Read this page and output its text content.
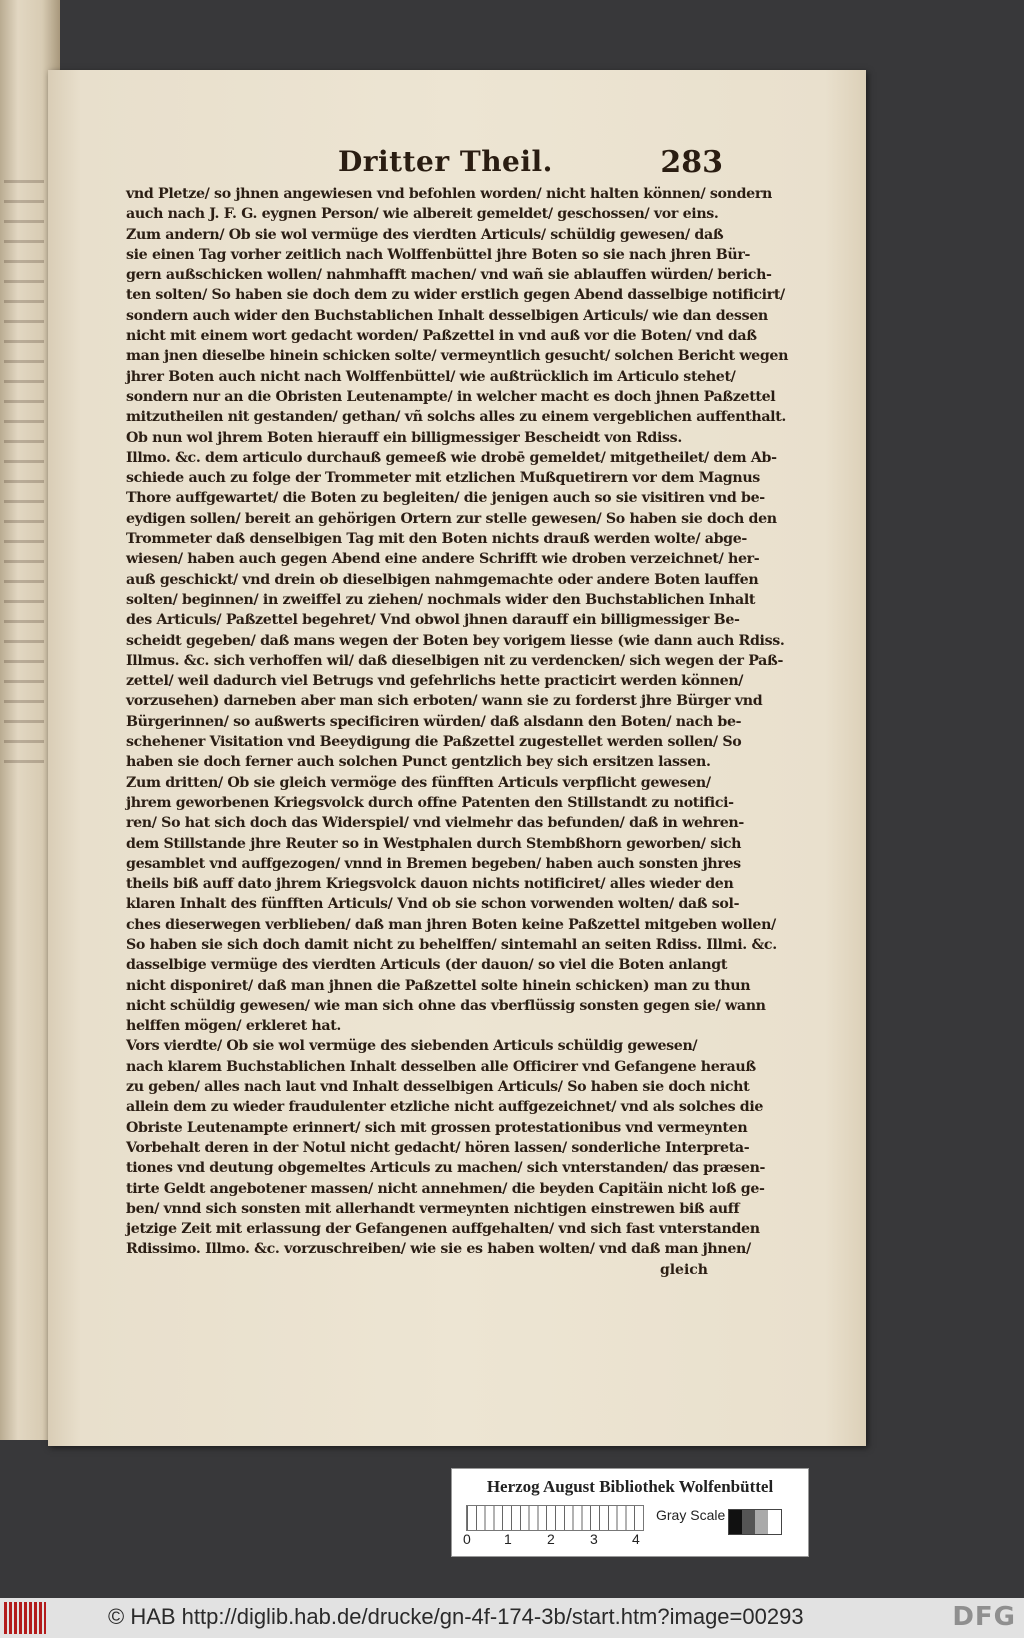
Dritter Theil.	283
vnd Pletze/ so jhnen angewiesen vnd befohlen worden/ nicht halten können/ sondern
auch nach J. F. G. eygnen Person/ wie albereit gemeldet/ geschossen/ vor eins.
Zum andern/ Ob sie wol vermüge des vierdten Articuls/ schüldig gewesen/ daß
sie einen Tag vorher zeitlich nach Wolffenbüttel jhre Boten so sie nach jhren Bür-
gern außschicken wollen/ nahmhafft machen/ vnd wañ sie ablauffen würden/ berich-
ten solten/ So haben sie doch dem zu wider erstlich gegen Abend dasselbige notificirt/
sondern auch wider den Buchstablichen Inhalt desselbigen Articuls/ wie dan dessen
nicht mit einem wort gedacht worden/ Paßzettel in vnd auß vor die Boten/ vnd daß
man jnen dieselbe hinein schicken solte/ vermeyntlich gesucht/ solchen Bericht wegen
jhrer Boten auch nicht nach Wolffenbüttel/ wie außtrücklich im Articulo stehet/
sondern nur an die Obristen Leutenampte/ in welcher macht es doch jhnen Paßzettel
mitzutheilen nit gestanden/ gethan/ vñ solchs alles zu einem vergeblichen auffenthalt.
Ob nun wol jhrem Boten hierauff ein billigmessiger Bescheidt von Rdiss.
Illmo. &c. dem articulo durchauß gemeeß wie drobē gemeldet/ mitgetheilet/ dem Ab-
schiede auch zu folge der Trommeter mit etzlichen Mußquetirern vor dem Magnus
Thore auffgewartet/ die Boten zu begleiten/ die jenigen auch so sie visitiren vnd be-
eydigen sollen/ bereit an gehörigen Ortern zur stelle gewesen/ So haben sie doch den
Trommeter daß denselbigen Tag mit den Boten nichts drauß werden wolte/ abge-
wiesen/ haben auch gegen Abend eine andere Schrifft wie droben verzeichnet/ her-
auß geschickt/ vnd drein ob dieselbigen nahmgemachte oder andere Boten lauffen
solten/ beginnen/ in zweiffel zu ziehen/ nochmals wider den Buchstablichen Inhalt
des Articuls/ Paßzettel begehret/ Vnd obwol jhnen darauff ein billigmessiger Be-
scheidt gegeben/ daß mans wegen der Boten bey vorigem liesse (wie dann auch Rdiss.
Illmus. &c. sich verhoffen wil/ daß dieselbigen nit zu verdencken/ sich wegen der Paß-
zettel/ weil dadurch viel Betrugs vnd gefehrlichs hette practicirt werden können/
vorzusehen) darneben aber man sich erboten/ wann sie zu forderst jhre Bürger vnd
Bürgerinnen/ so außwerts specificiren würden/ daß alsdann den Boten/ nach be-
schehener Visitation vnd Beeydigung die Paßzettel zugestellet werden sollen/ So
haben sie doch ferner auch solchen Punct gentzlich bey sich ersitzen lassen.
Zum dritten/ Ob sie gleich vermöge des fünfften Articuls verpflicht gewesen/
jhrem geworbenen Kriegsvolck durch offne Patenten den Stillstandt zu notifici-
ren/ So hat sich doch das Widerspiel/ vnd vielmehr das befunden/ daß in wehren-
dem Stillstande jhre Reuter so in Westphalen durch Stembßhorn geworben/ sich
gesamblet vnd auffgezogen/ vnnd in Bremen begeben/ haben auch sonsten jhres
theils biß auff dato jhrem Kriegsvolck dauon nichts notificiret/ alles wieder den
klaren Inhalt des fünfften Articuls/ Vnd ob sie schon vorwenden wolten/ daß sol-
ches dieserwegen verblieben/ daß man jhren Boten keine Paßzettel mitgeben wollen/
So haben sie sich doch damit nicht zu behelffen/ sintemahl an seiten Rdiss. Illmi. &c.
dasselbige vermüge des vierdten Articuls (der dauon/ so viel die Boten anlangt
nicht disponiret/ daß man jhnen die Paßzettel solte hinein schicken) man zu thun
nicht schüldig gewesen/ wie man sich ohne das vberflüssig sonsten gegen sie/ wann
helffen mögen/ erkleret hat.
Vors vierdte/ Ob sie wol vermüge des siebenden Articuls schüldig gewesen/
nach klarem Buchstablichen Inhalt desselben alle Officirer vnd Gefangene herauß
zu geben/ alles nach laut vnd Inhalt desselbigen Articuls/ So haben sie doch nicht
allein dem zu wieder fraudulenter etzliche nicht auffgezeichnet/ vnd als solches die
Obriste Leutenampte erinnert/ sich mit grossen protestationibus vnd vermeynten
Vorbehalt deren in der Notul nicht gedacht/ hören lassen/ sonderliche Interpreta-
tiones vnd deutung obgemeltes Articuls zu machen/ sich vnterstanden/ das præsen-
tirte Geldt angebotener massen/ nicht annehmen/ die beyden Capitäin nicht loß ge-
ben/ vnnd sich sonsten mit allerhandt vermeynten nichtigen einstrewen biß auff
jetzige Zeit mit erlassung der Gefangenen auffgehalten/ vnd sich fast vnterstanden
Rdissimo. Illmo. &c. vorzuschreiben/ wie sie es haben wolten/ vnd daß man jhnen/
gleich
Herzog August Bibliothek Wolfenbüttel
0 1	2	3 4
Gray Scale
© HAB http://diglib.hab.de/drucke/gn-4f-174-3b/start.htm?image=00293	DFG
